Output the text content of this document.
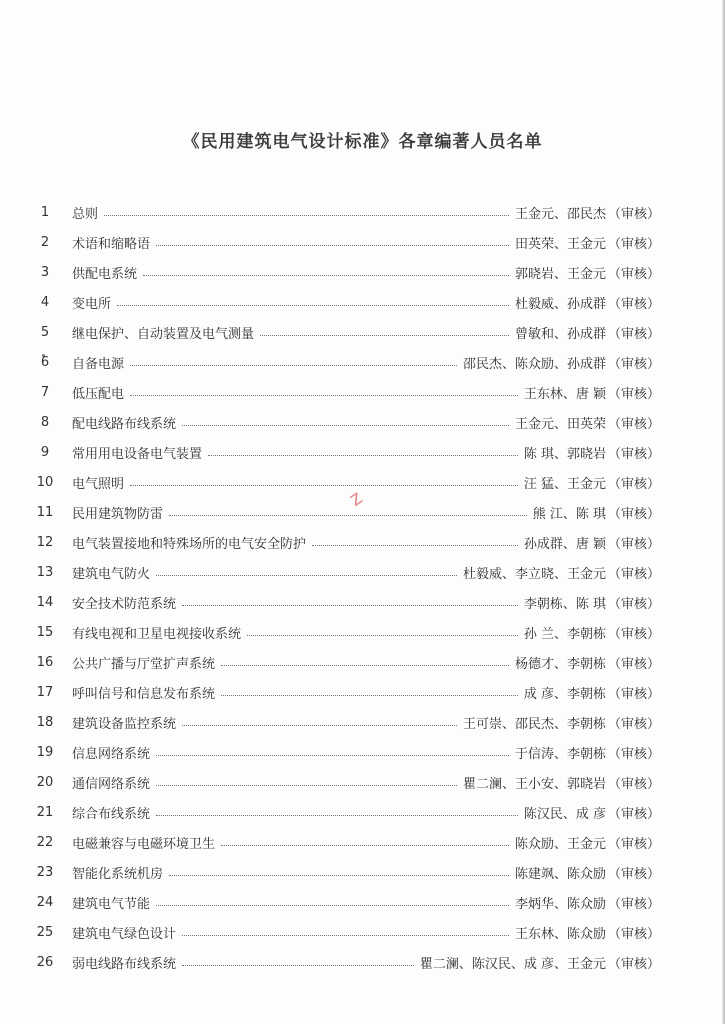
《民用建筑电气设计标准》各章编著人员名单
z
1	总则	王金元、邵民杰 （审核）
2	术语和缩略语	田英荣、王金元 （审核）
3	供配电系统	郭晓岩、王金元 （审核）
4	变电所	杜毅威、孙成群 （审核）
5	继电保护、自动装置及电气测量	曾敏和、孙成群 （审核）
6	自备电源	邵民杰、陈众励、孙成群 （审核）
7	低压配电	王东林、唐 颖 （审核）
8	配电线路布线系统	王金元、田英荣 （审核）
9	常用用电设备电气装置	陈 琪、郭晓岩 （审核）
10	电气照明	汪 猛、王金元 （审核）
11	民用建筑物防雷	熊 江、陈 琪 （审核）
12	电气装置接地和特殊场所的电气安全防护	孙成群、唐 颖 （审核）
13	建筑电气防火	杜毅威、李立晓、王金元 （审核）
14	安全技术防范系统	李朝栋、陈 琪 （审核）
15	有线电视和卫星电视接收系统	孙 兰、李朝栋 （审核）
16	公共广播与厅堂扩声系统	杨德才、李朝栋 （审核）
17	呼叫信号和信息发布系统	成 彦、李朝栋 （审核）
18	建筑设备监控系统	王可崇、邵民杰、李朝栋 （审核）
19	信息网络系统	于信涛、李朝栋 （审核）
20	通信网络系统	瞿二澜、王小安、郭晓岩 （审核）
21	综合布线系统	陈汉民、成 彦 （审核）
22	电磁兼容与电磁环境卫生	陈众励、王金元 （审核）
23	智能化系统机房	陈建飒、陈众励 （审核）
24	建筑电气节能	李炳华、陈众励 （审核）
25	建筑电气绿色设计	王东林、陈众励 （审核）
26	弱电线路布线系统	瞿二澜、陈汉民、成 彦、王金元 （审核）
